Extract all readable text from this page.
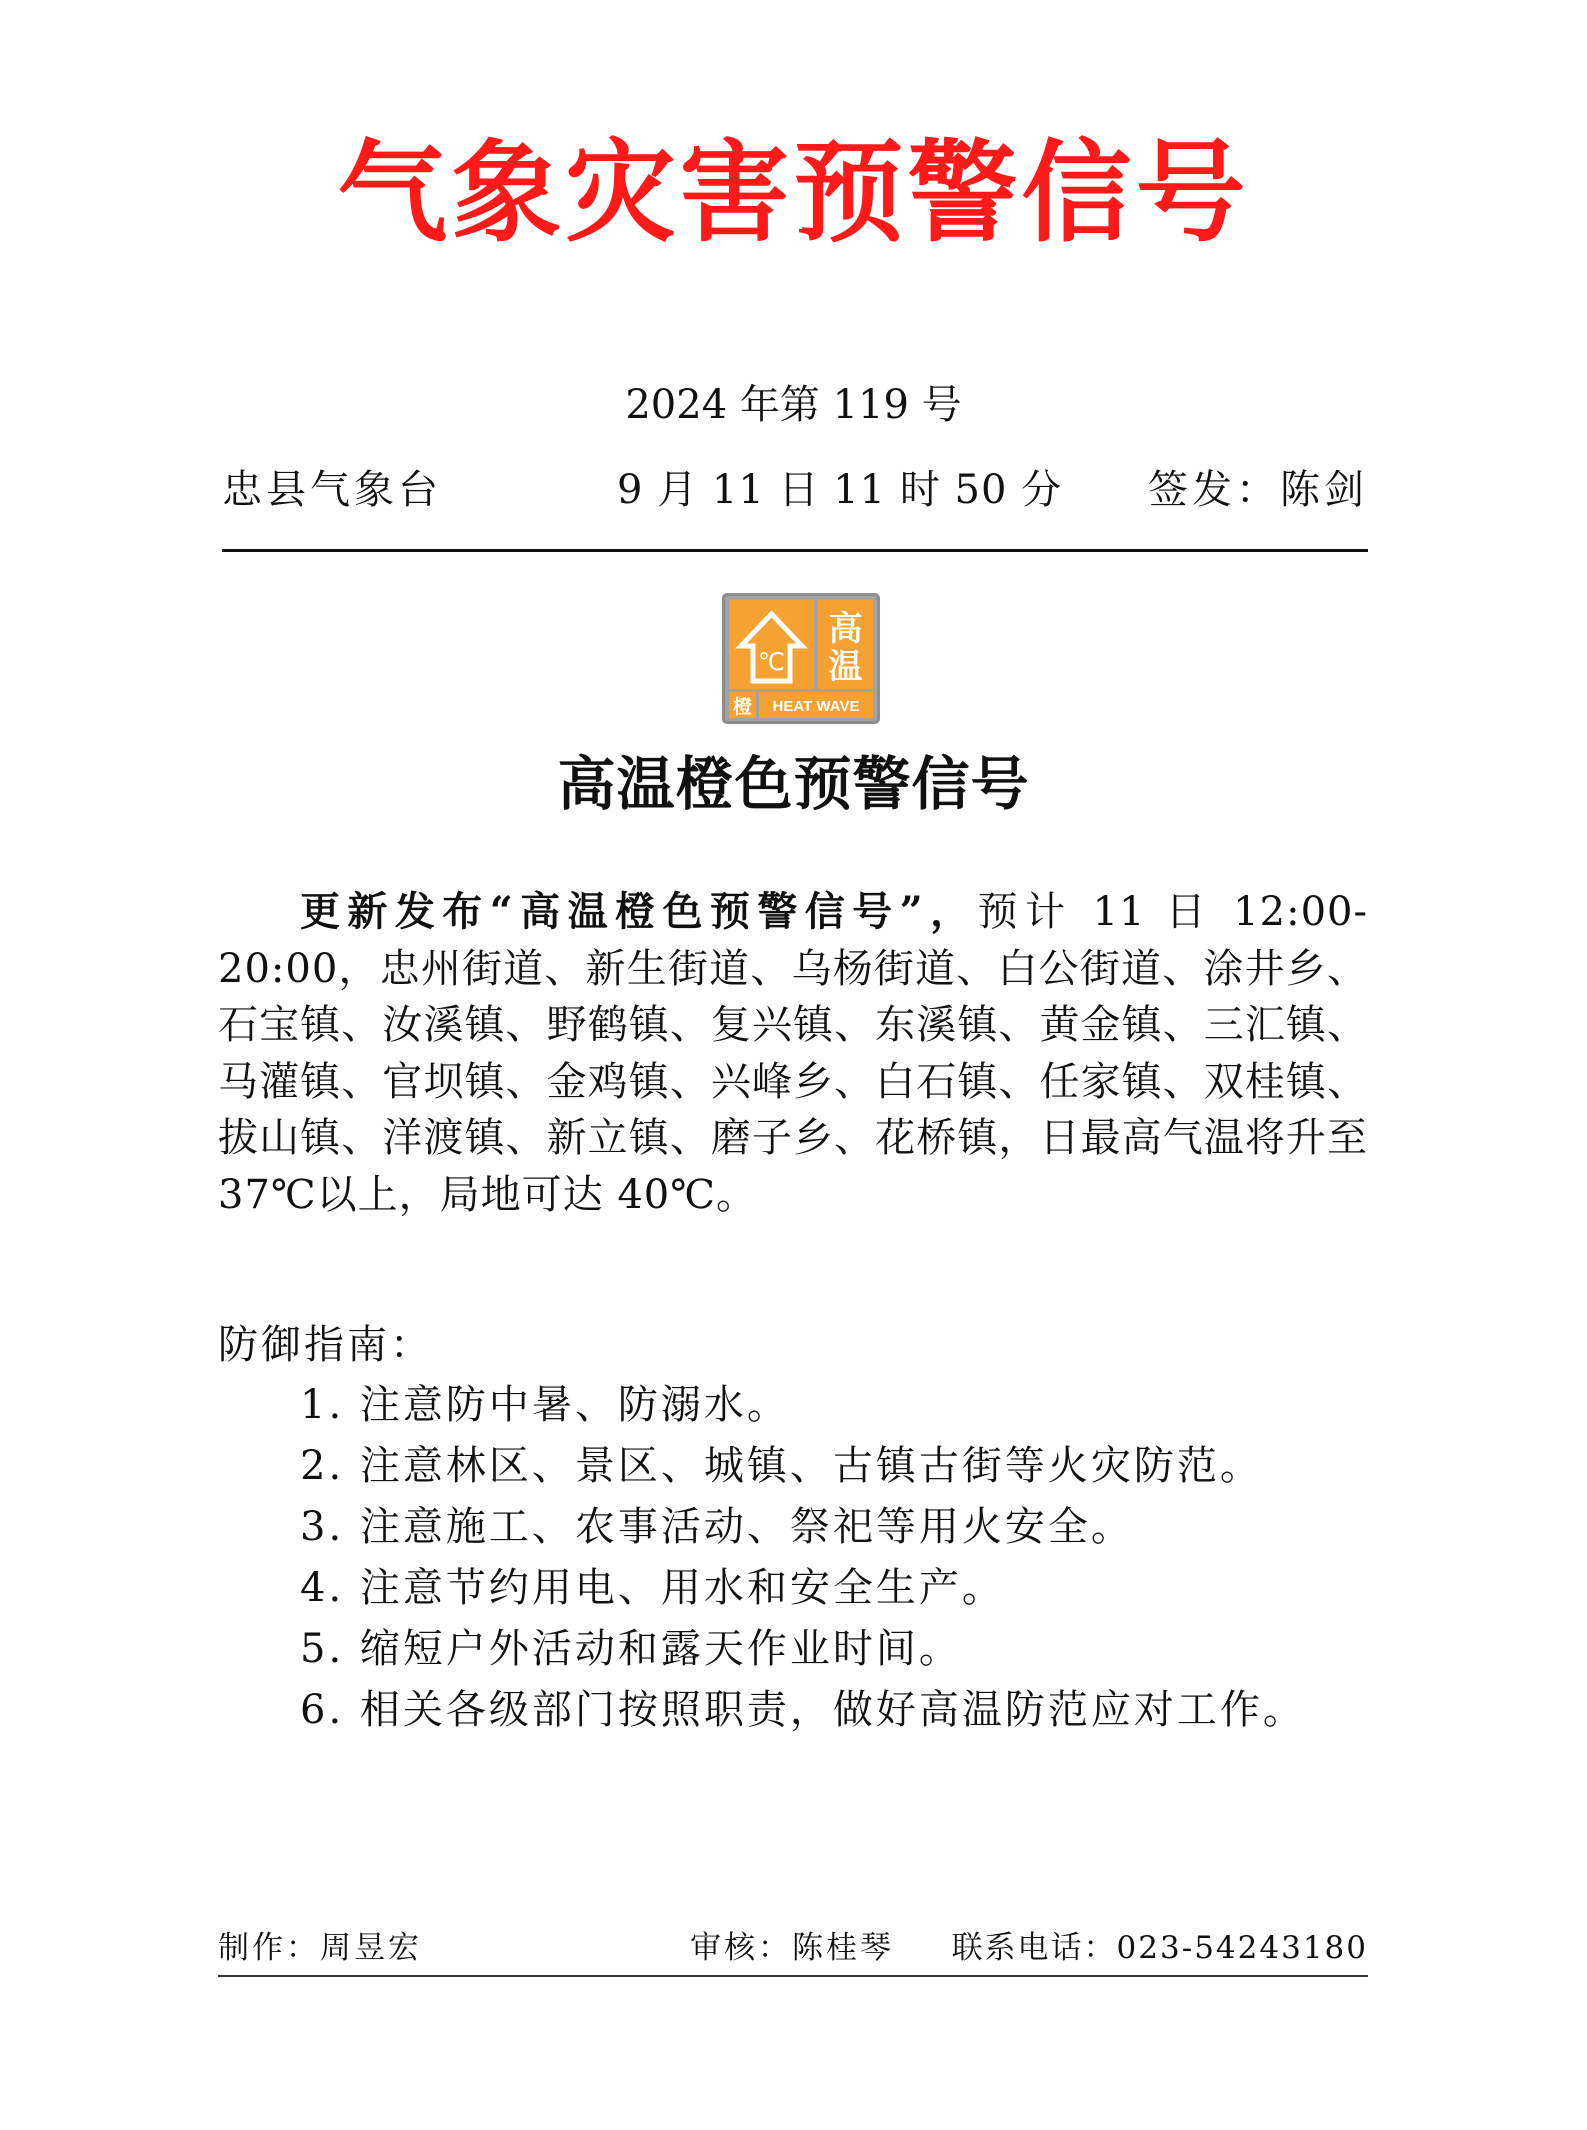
气象灾害预警信号
2024 年第 119 号
忠县气象台	9 月 11 日 11 时 50 分 签发：陈剑
℃
高
温
橙 HEAT WAVE
高温橙色预警信号
更新发布“高温橙色预警信号”，预计 11 日 12:00-20:00，忠州街道、新生街道、乌杨街道、白公街道、涂井乡、石宝镇、汝溪镇、野鹤镇、复兴镇、东溪镇、黄金镇、三汇镇、马灌镇、官坝镇、金鸡镇、兴峰乡、白石镇、任家镇、双桂镇、拔山镇、洋渡镇、新立镇、磨子乡、花桥镇，日最高气温将升至 37℃以上，局地可达 40℃。
防御指南：
1. 注意防中暑、防溺水。
2. 注意林区、景区、城镇、古镇古街等火灾防范。
3. 注意施工、农事活动、祭祀等用火安全。
4. 注意节约用电、用水和安全生产。
5. 缩短户外活动和露天作业时间。
6. 相关各级部门按照职责，做好高温防范应对工作。
制作：周昱宏	审核：陈桂琴 联系电话：023-54243180
